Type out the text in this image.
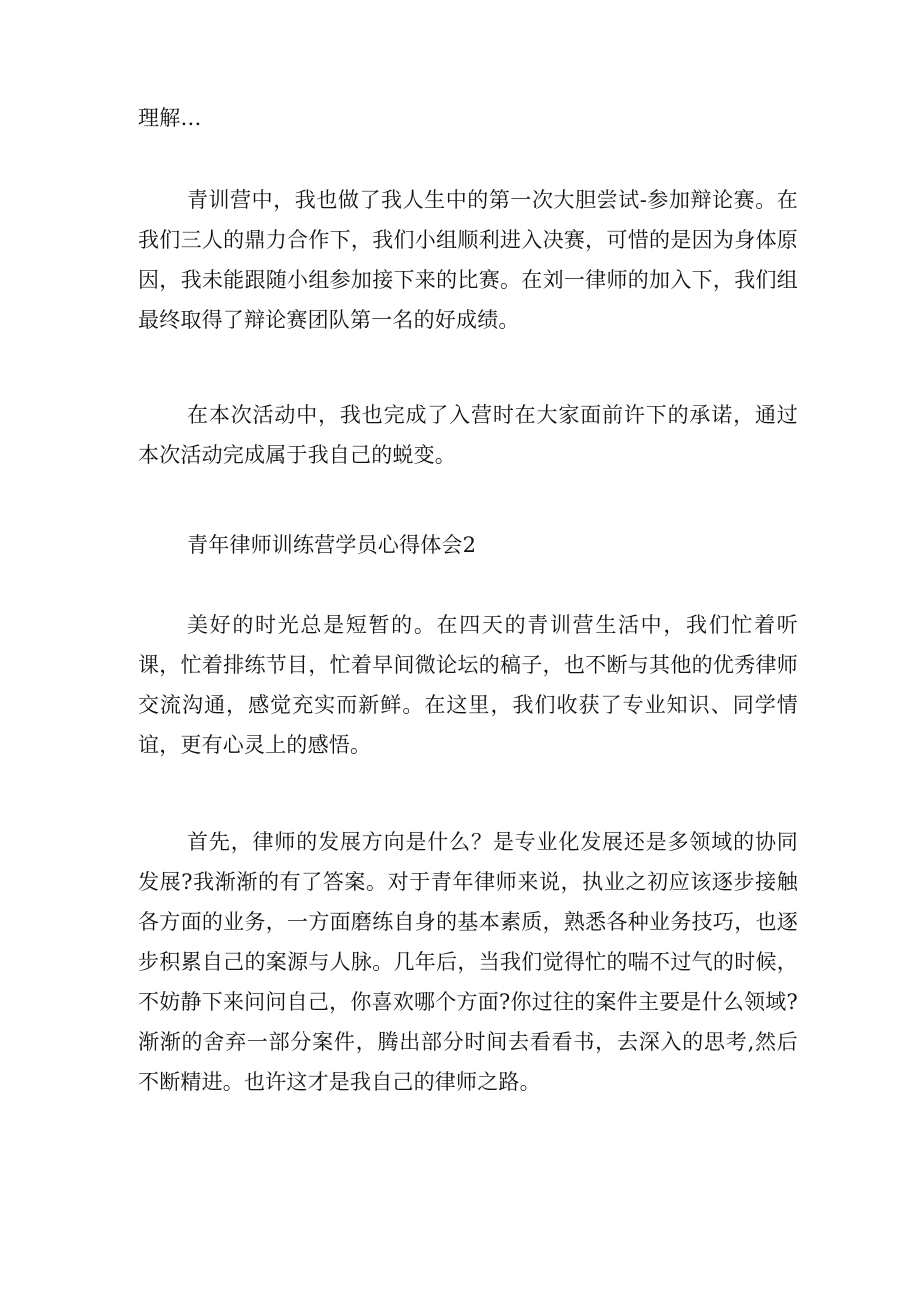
理解…

青训营中，我也做了我人生中的第一次大胆尝试-参加辩论赛。在我们三人的鼎力合作下，我们小组顺利进入决赛，可惜的是因为身体原因，我未能跟随小组参加接下来的比赛。在刘一律师的加入下，我们组最终取得了辩论赛团队第一名的好成绩。

在本次活动中，我也完成了入营时在大家面前许下的承诺，通过本次活动完成属于我自己的蜕变。

青年律师训练营学员心得体会2

美好的时光总是短暂的。在四天的青训营生活中，我们忙着听课，忙着排练节目，忙着早间微论坛的稿子，也不断与其他的优秀律师交流沟通，感觉充实而新鲜。在这里，我们收获了专业知识、同学情谊，更有心灵上的感悟。

首先，律师的发展方向是什么？是专业化发展还是多领域的协同发展?我渐渐的有了答案。对于青年律师来说，执业之初应该逐步接触各方面的业务，一方面磨练自身的基本素质，熟悉各种业务技巧，也逐步积累自己的案源与人脉。几年后，当我们觉得忙的喘不过气的时候，不妨静下来问问自己，你喜欢哪个方面?你过往的案件主要是什么领域?渐渐的舍弃一部分案件，腾出部分时间去看看书，去深入的思考,然后不断精进。也许这才是我自己的律师之路。
